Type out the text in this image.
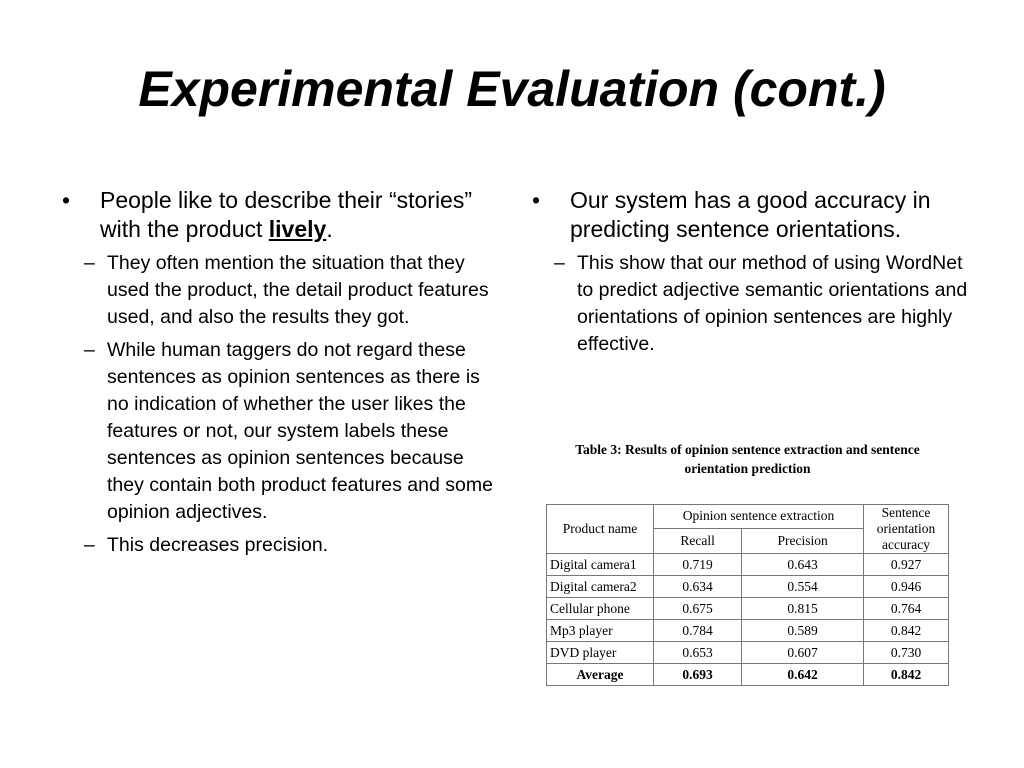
Experimental Evaluation (cont.)
• People like to describe their “stories” with the product lively.
– They often mention the situation that they used the product, the detail product features used, and also the results they got.
– While human taggers do not regard these sentences as opinion sentences as there is no indication of whether the user likes the features or not, our system labels these sentences as opinion sentences because they contain both product features and some opinion adjectives.
– This decreases precision.
• Our system has a good accuracy in predicting sentence orientations.
– This show that our method of using WordNet to predict adjective semantic orientations and orientations of opinion sentences are highly effective.
Table 3: Results of opinion sentence extraction and sentence orientation prediction
Product name	Opinion sentence extraction		Sentence orientation accuracy
	Recall	Precision	
Digital camera1	0.719	0.643	0.927
Digital camera2	0.634	0.554	0.946
Cellular phone	0.675	0.815	0.764
Mp3 player	0.784	0.589	0.842
DVD player	0.653	0.607	0.730
Average	0.693	0.642	0.842
